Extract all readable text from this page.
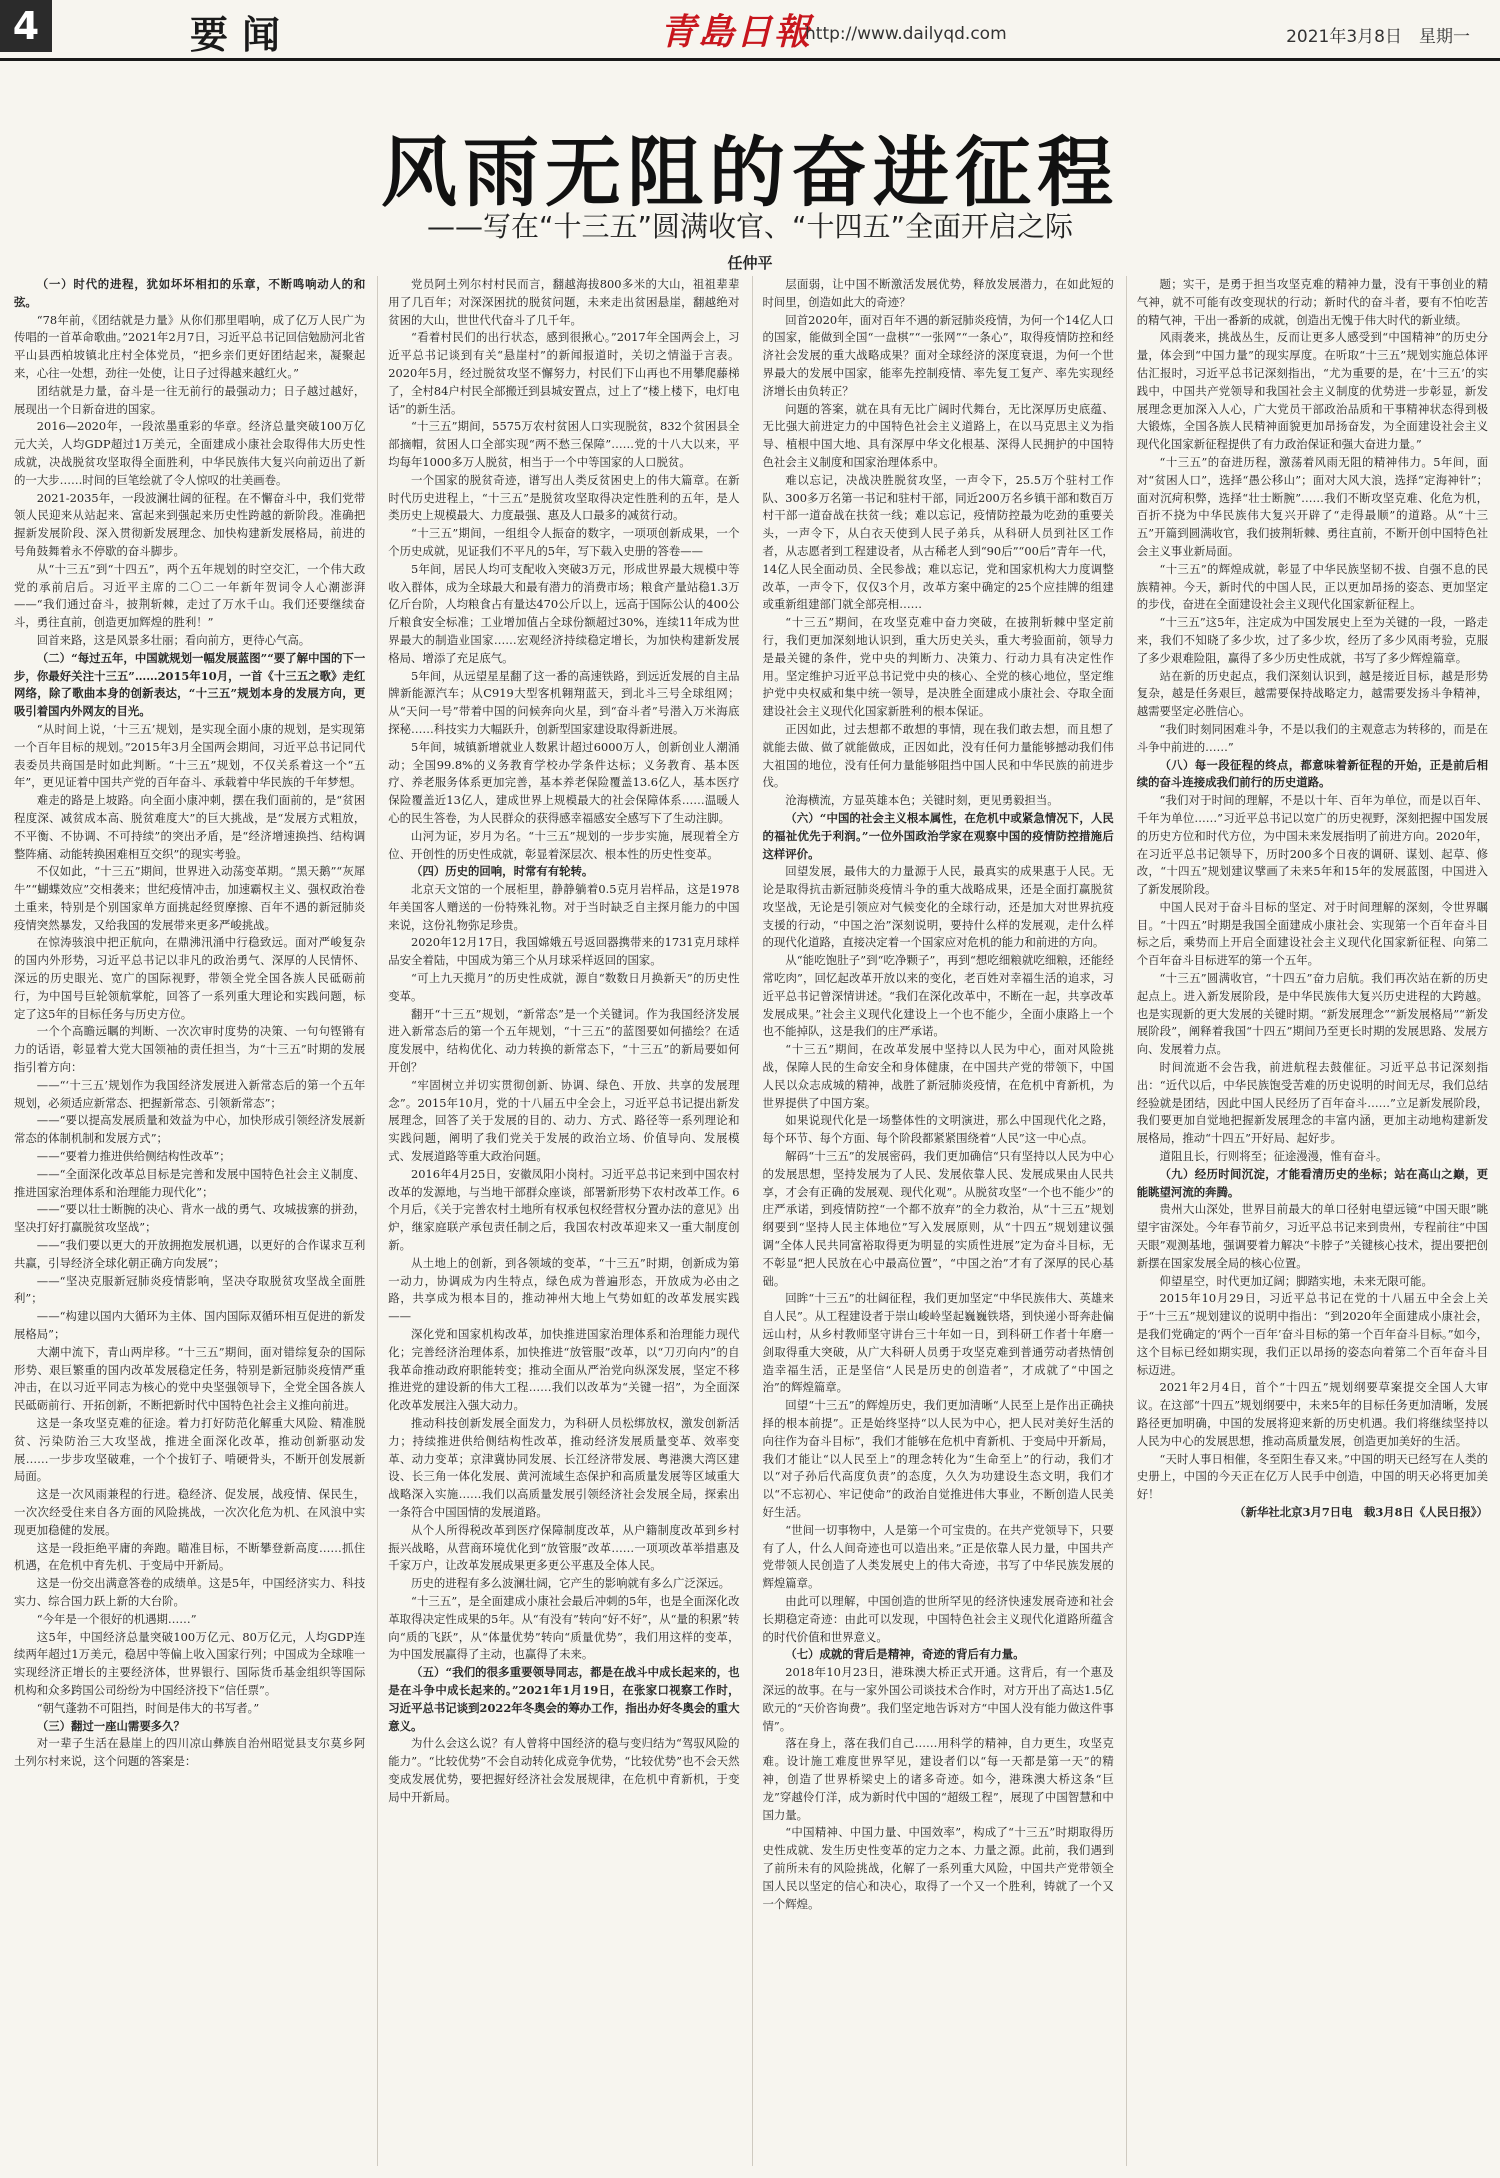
4	要闻	青島日報
http://www.dailyqd.com	2021年3月8日　星期一
风雨无阻的奋进征程
——写在“十三五”圆满收官、“十四五”全面开启之际
任仲平

（一）时代的进程，犹如坏坏相扣的乐章，不断鸣响动人的和弦。

“78年前，《团结就是力量》从你们那里唱响，成了亿万人民广为传唱的一首革命歌曲。”2021年2月7日，习近平总书记回信勉励河北省平山县西柏坡镇北庄村全体党员，“把乡亲们更好团结起来，凝聚起来，心往一处想，劲往一处使，让日子过得越来越红火。”

团结就是力量，奋斗是一往无前行的最强动力；日子越过越好，展现出一个日新奋进的国家。

2016—2020年，一段浓墨重彩的华章。经济总量突破100万亿元大关，人均GDP超过1万美元，全面建成小康社会取得伟大历史性成就，决战脱贫攻坚取得全面胜利，中华民族伟大复兴向前迈出了新的一大步……时间的巨笔绘就了令人惊叹的壮美画卷。

2021-2035年，一段波澜壮阔的征程。在不懈奋斗中，我们党带领人民迎来从站起来、富起来到强起来历史性跨越的新阶段。准确把握新发展阶段、深入贯彻新发展理念、加快构建新发展格局，前进的号角鼓舞着永不停歇的奋斗脚步。

从“十三五”到“十四五”，两个五年规划的时空交汇，一个伟大政党的承前启后。习近平主席的二〇二一年新年贺词令人心潮澎湃——“我们通过奋斗，披荆斩棘，走过了万水千山。我们还要继续奋斗，勇往直前，创造更加辉煌的胜利！”

回首来路，这是风景多壮丽；看向前方，更待心气高。

（二）“每过五年，中国就规划一幅发展蓝图”“要了解中国的下一步，你最好关注十三五”……2015年10月，一首《十三五之歌》走红网络，除了歌曲本身的创新表达，“十三五”规划本身的发展方向，更吸引着国内外网友的目光。

“从时间上说，‘十三五’规划，是实现全面小康的规划，是实现第一个百年目标的规划。”2015年3月全国两会期间，习近平总书记同代表委员共商国是时如此判断。“十三五”规划，不仅关系着这一个“五年”，更见证着中国共产党的百年奋斗、承载着中华民族的千年梦想。

难走的路是上坡路。向全面小康冲刺，摆在我们面前的，是“贫困程度深、减贫成本高、脱贫难度大”的巨大挑战，是“发展方式粗放，不平衡、不协调、不可持续”的突出矛盾，是“经济增速换挡、结构调整阵痛、动能转换困难相互交织”的现实考验。

不仅如此，“十三五”期间，世界进入动荡变革期。“黑天鹅”“灰犀牛”“蝴蝶效应”交相袭来；世纪疫情冲击，加速霸权主义、强权政治卷土重来，特别是个别国家单方面挑起经贸摩擦、百年不遇的新冠肺炎疫情突然暴发，又给我国的发展带来更多严峻挑战。

在惊涛骇浪中把正航向，在鼎沸汛涌中行稳致远。面对严峻复杂的国内外形势，习近平总书记以非凡的政治勇气、深厚的人民情怀、深远的历史眼光、宽广的国际视野，带领全党全国各族人民砥砺前行，为中国号巨轮领航掌舵，回答了一系列重大理论和实践问题，标定了这5年的目标任务与历史方位。

一个个高瞻远瞩的判断、一次次审时度势的决策、一句句铿锵有力的话语，彰显着大党大国领袖的责任担当，为“十三五”时期的发展指引着方向：

——“‘十三五’规划作为我国经济发展进入新常态后的第一个五年规划，必须适应新常态、把握新常态、引领新常态”；

——“要以提高发展质量和效益为中心，加快形成引领经济发展新常态的体制机制和发展方式”；

——“要着力推进供给侧结构性改革”；

——“全面深化改革总目标是完善和发展中国特色社会主义制度、推进国家治理体系和治理能力现代化”；

——“要以壮士断腕的决心、背水一战的勇气、攻城拔寨的拼劲，坚决打好打赢脱贫攻坚战”；

——“我们要以更大的开放拥抱发展机遇，以更好的合作谋求互利共赢，引导经济全球化朝正确方向发展”；

——“坚决克服新冠肺炎疫情影响，坚决夺取脱贫攻坚战全面胜利”；

——“构建以国内大循环为主体、国内国际双循环相互促进的新发展格局”；

大潮中流下，青山两岸移。“十三五”期间，面对错综复杂的国际形势、艰巨繁重的国内改革发展稳定任务，特别是新冠肺炎疫情严重冲击，在以习近平同志为核心的党中央坚强领导下，全党全国各族人民砥砺前行、开拓创新，不断把新时代中国特色社会主义推向前进。

这是一条攻坚克难的征途。着力打好防范化解重大风险、精准脱贫、污染防治三大攻坚战，推进全面深化改革，推动创新驱动发展……一步步攻坚破难，一个个拔钉子、啃硬骨头，不断开创发展新局面。

这是一次风雨兼程的行进。稳经济、促发展，战疫情、保民生，一次次经受住来自各方面的风险挑战，一次次化危为机、在风浪中实现更加稳健的发展。

这是一段拒绝平庸的奔跑。瞄准目标，不断攀登新高度……抓住机遇，在危机中育先机、于变局中开新局。

这是一份交出满意答卷的成绩单。这是5年，中国经济实力、科技实力、综合国力跃上新的大台阶。

“今年是一个很好的机遇期……”

这5年，中国经济总量突破100万亿元、80万亿元，人均GDP连续两年超过1万美元，稳居中等偏上收入国家行列；中国成为全球唯一实现经济正增长的主要经济体，世界银行、国际货币基金组织等国际机构和众多跨国公司纷纷为中国经济投下“信任票”。

“朝气蓬勃不可阻挡，时间是伟大的书写者。”

（三）翻过一座山需要多久？

对一辈子生活在悬崖上的四川凉山彝族自治州昭觉县支尔莫乡阿土列尔村来说，这个问题的答案是：

党员阿土列尔村村民而言，翻越海拔800多米的大山，祖祖辈辈用了几百年；对深深困扰的脱贫问题，未来走出贫困悬崖，翻越绝对贫困的大山，世世代代奋斗了几千年。

“看着村民们的出行状态，感到很揪心。”2017年全国两会上，习近平总书记谈到有关“悬崖村”的新闻报道时，关切之情溢于言表。2020年5月，经过脱贫攻坚不懈努力，村民们下山再也不用攀爬藤梯了，全村84户村民全部搬迁到县城安置点，过上了“楼上楼下，电灯电话”的新生活。

“十三五”期间，5575万农村贫困人口实现脱贫，832个贫困县全部摘帽，贫困人口全部实现“两不愁三保障”……党的十八大以来，平均每年1000多万人脱贫，相当于一个中等国家的人口脱贫。

一个国家的脱贫奇迹，谱写出人类反贫困史上的伟大篇章。在新时代历史进程上，“十三五”是脱贫攻坚取得决定性胜利的五年，是人类历史上规模最大、力度最强、惠及人口最多的减贫行动。

“十三五”期间，一组组令人振奋的数字，一项项创新成果，一个个历史成就，见证我们不平凡的5年，写下载入史册的答卷——

5年间，居民人均可支配收入突破3万元，形成世界最大规模中等收入群体，成为全球最大和最有潜力的消费市场；粮食产量站稳1.3万亿斤台阶，人均粮食占有量达470公斤以上，远高于国际公认的400公斤粮食安全标准；工业增加值占全球份额超过30%，连续11年成为世界最大的制造业国家……宏观经济持续稳定增长，为加快构建新发展格局、增添了充足底气。

5年间，从远望星星翻了这一番的高速铁路，到远近发展的自主品牌新能源汽车；从C919大型客机翱翔蓝天，到北斗三号全球组网；从“天问一号”带着中国的问候奔向火星，到“奋斗者”号潜入万米海底探秘……科技实力大幅跃升，创新型国家建设取得新进展。

5年间，城镇新增就业人数累计超过6000万人，创新创业人潮涌动；全国99.8%的义务教育学校办学条件达标；义务教育、基本医疗、养老服务体系更加完善，基本养老保险覆盖13.6亿人，基本医疗保险覆盖近13亿人，建成世界上规模最大的社会保障体系……温暖人心的民生答卷，为人民群众的获得感幸福感安全感写下了生动注脚。

山河为证，岁月为名。“十三五”规划的一步步实施，展现着全方位、开创性的历史性成就，彰显着深层次、根本性的历史性变革。

（四）历史的回响，时常有有轮转。

北京天文馆的一个展柜里，静静躺着0.5克月岩样品，这是1978年美国客人赠送的一份特殊礼物。对于当时缺乏自主探月能力的中国来说，这份礼物弥足珍贵。

2020年12月17日，我国嫦娥五号返回器携带来的1731克月球样品安全着陆，中国成为第三个从月球采样返回的国家。

“可上九天揽月”的历史性成就，源自“数数日月换新天”的历史性变革。

翻开“十三五”规划，“新常态”是一个关键词。作为我国经济发展进入新常态后的第一个五年规划，“十三五”的蓝图要如何描绘？在适度发展中，结构优化、动力转换的新常态下，“十三五”的新局要如何开创？

“牢固树立并切实贯彻创新、协调、绿色、开放、共享的发展理念”。2015年10月，党的十八届五中全会上，习近平总书记提出新发展理念，回答了关于发展的目的、动力、方式、路径等一系列理论和实践问题，阐明了我们党关于发展的政治立场、价值导向、发展模式、发展道路等重大政治问题。

2016年4月25日，安徽凤阳小岗村。习近平总书记来到中国农村改革的发源地，与当地干部群众座谈，部署新形势下农村改革工作。6个月后，《关于完善农村土地所有权承包权经营权分置办法的意见》出炉，继家庭联产承包责任制之后，我国农村改革迎来又一重大制度创新。

从土地上的创新，到各领域的变革，“十三五”时期，创新成为第一动力，协调成为内生特点，绿色成为普遍形态，开放成为必由之路，共享成为根本目的，推动神州大地上气势如虹的改革发展实践——

深化党和国家机构改革，加快推进国家治理体系和治理能力现代化；完善经济治理体系，加快推进“放管服”改革，以“刀刃向内”的自我革命推动政府职能转变；推动全面从严治党向纵深发展，坚定不移推进党的建设新的伟大工程……我们以改革为“关键一招”，为全面深化改革发展注入强大动力。

推动科技创新发展全面发力，为科研人员松绑放权，激发创新活力；持续推进供给侧结构性改革，推动经济发展质量变革、效率变革、动力变革；京津冀协同发展、长江经济带发展、粤港澳大湾区建设、长三角一体化发展、黄河流域生态保护和高质量发展等区域重大战略深入实施……我们以高质量发展引领经济社会发展全局，探索出一条符合中国国情的发展道路。

从个人所得税改革到医疗保障制度改革，从户籍制度改革到乡村振兴战略，从营商环境优化到“放管服”改革……一项项改革举措惠及千家万户，让改革发展成果更多更公平惠及全体人民。

历史的进程有多么波澜壮阔，它产生的影响就有多么广泛深远。

“十三五”，是全面建成小康社会最后冲刺的5年，也是全面深化改革取得决定性成果的5年。从“有没有”转向“好不好”，从“量的积累”转向“质的飞跃”，从“体量优势”转向“质量优势”，我们用这样的变革，为中国发展赢得了主动，也赢得了未来。

（五）“我们的很多重要领导同志，都是在战斗中成长起来的，也是在斗争中成长起来的。”2021年1月19日，在张家口视察工作时，习近平总书记谈到2022年冬奥会的筹办工作，指出办好冬奥会的重大意义。

为什么会这么说？有人曾将中国经济的稳与变归结为“驾驭风险的能力”。“比较优势”不会自动转化成竞争优势，“比较优势”也不会天然变成发展优势，要把握好经济社会发展规律，在危机中育新机，于变局中开新局。

层面弱，让中国不断激活发展优势，释放发展潜力，在如此短的时间里，创造如此大的奇迹？

回首2020年，面对百年不遇的新冠肺炎疫情，为何一个14亿人口的国家，能做到全国“一盘棋”“一张网”“一条心”，取得疫情防控和经济社会发展的重大战略成果？面对全球经济的深度衰退，为何一个世界最大的发展中国家，能率先控制疫情、率先复工复产、率先实现经济增长由负转正？

问题的答案，就在具有无比广阔时代舞台，无比深厚历史底蕴、无比强大前进定力的中国特色社会主义道路上，在以马克思主义为指导、植根中国大地、具有深厚中华文化根基、深得人民拥护的中国特色社会主义制度和国家治理体系中。

难以忘记，决战决胜脱贫攻坚，一声令下，25.5万个驻村工作队、300多万名第一书记和驻村干部，同近200万名乡镇干部和数百万村干部一道奋战在扶贫一线；难以忘记，疫情防控最为吃劲的重要关头，一声令下，从白衣天使到人民子弟兵，从科研人员到社区工作者，从志愿者到工程建设者，从古稀老人到“90后”“00后”青年一代，14亿人民全面动员、全民参战；难以忘记，党和国家机构大力度调整改革，一声令下，仅仅3个月，改革方案中确定的25个应挂牌的组建或重新组建部门就全部亮相……

“十三五”期间，在攻坚克难中奋力突破，在披荆斩棘中坚定前行，我们更加深刻地认识到，重大历史关头，重大考验面前，领导力是最关键的条件，党中央的判断力、决策力、行动力具有决定性作用。坚定维护习近平总书记党中央的核心、全党的核心地位，坚定维护党中央权威和集中统一领导，是决胜全面建成小康社会、夺取全面建设社会主义现代化国家新胜利的根本保证。

正因如此，过去想都不敢想的事情，现在我们敢去想，而且想了就能去做、做了就能做成，正因如此，没有任何力量能够撼动我们伟大祖国的地位，没有任何力量能够阻挡中国人民和中华民族的前进步伐。

沧海横流，方显英雄本色；关键时刻，更见勇毅担当。

（六）“中国的社会主义根本属性，在危机中或紧急情况下，人民的福祉优先于利润。”一位外国政治学家在观察中国的疫情防控措施后这样评价。

回望发展，最伟大的力量源于人民，最真实的成果惠于人民。无论是取得抗击新冠肺炎疫情斗争的重大战略成果，还是全面打赢脱贫攻坚战，无论是引领应对气候变化的全球行动，还是加大对世界抗疫支援的行动，“中国之治”深刻说明，要持什么样的发展观，走什么样的现代化道路，直接决定着一个国家应对危机的能力和前进的方向。

从“能吃饱肚子”到“吃净颗子”，再到“想吃细粮就吃细粮，还能经常吃肉”，回忆起改革开放以来的变化，老百姓对幸福生活的追求，习近平总书记曾深情讲述。“我们在深化改革中，不断在一起，共享改革发展成果。”社会主义现代化建设上一个也不能少，全面小康路上一个也不能掉队，这是我们的庄严承诺。

“十三五”期间，在改革发展中坚持以人民为中心，面对风险挑战，保障人民的生命安全和身体健康，在中国共产党的带领下，中国人民以众志成城的精神，战胜了新冠肺炎疫情，在危机中育新机，为世界提供了中国方案。

如果说现代化是一场整体性的文明演进，那么中国现代化之路，每个环节、每个方面、每个阶段都紧紧围绕着“人民”这一中心点。

解码“十三五”的发展密码，我们更加确信“只有坚持以人民为中心的发展思想，坚持发展为了人民、发展依靠人民、发展成果由人民共享，才会有正确的发展观、现代化观”。从脱贫攻坚“一个也不能少”的庄严承诺，到疫情防控“一个都不放弃”的全力救治，从“十三五”规划纲要到“坚持人民主体地位”写入发展原则，从“十四五”规划建议强调“全体人民共同富裕取得更为明显的实质性进展”定为奋斗目标，无不彰显“把人民放在心中最高位置”，“中国之治”才有了深厚的民心基础。

回眸“十三五”的壮阔征程，我们更加坚定“中华民族伟大、英雄来自人民”。从工程建设者于崇山峻岭坚起巍巍铁塔，到快递小哥奔赴偏远山村，从乡村教师坚守讲台三十年如一日，到科研工作者十年磨一剑取得重大突破，从广大科研人员勇于攻坚克难到普通劳动者热情创造幸福生活，正是坚信“人民是历史的创造者”，才成就了“中国之治”的辉煌篇章。

回望“十三五”的辉煌历史，我们更加清晰“人民至上是作出正确抉择的根本前提”。正是始终坚持“以人民为中心，把人民对美好生活的向往作为奋斗目标”，我们才能够在危机中育新机、于变局中开新局，我们才能让“以人民至上”的理念转化为“生命至上”的行动，我们才以“对子孙后代高度负责”的态度，久久为功建设生态文明，我们才以“不忘初心、牢记使命”的政治自觉推进伟大事业，不断创造人民美好生活。

“世间一切事物中，人是第一个可宝贵的。在共产党领导下，只要有了人，什么人间奇迹也可以造出来。”正是依靠人民力量，中国共产党带领人民创造了人类发展史上的伟大奇迹，书写了中华民族发展的辉煌篇章。

由此可以理解，中国创造的世所罕见的经济快速发展奇迹和社会长期稳定奇迹：由此可以发现，中国特色社会主义现代化道路所蕴含的时代价值和世界意义。

（七）成就的背后是精神，奇迹的背后有力量。

2018年10月23日，港珠澳大桥正式开通。这背后，有一个惠及深远的故事。在与一家外国公司谈技术合作时，对方开出了高达1.5亿欧元的“天价咨询费”。我们坚定地告诉对方“中国人没有能力做这件事情”。

落在身上，落在我们自己……用科学的精神，自力更生，攻坚克难。设计施工难度世界罕见，建设者们以“每一天都是第一天”的精神，创造了世界桥梁史上的诸多奇迹。如今，港珠澳大桥这条“巨龙”穿越伶仃洋，成为新时代中国的“超级工程”，展现了中国智慧和中国力量。

“中国精神、中国力量、中国效率”，构成了“十三五”时期取得历史性成就、发生历史性变革的定力之本、力量之源。此前，我们遇到了前所未有的风险挑战，化解了一系列重大风险，中国共产党带领全国人民以坚定的信心和决心，取得了一个又一个胜利，铸就了一个又一个辉煌。

题；实干，是勇于担当攻坚克难的精神力量，没有干事创业的精气神，就不可能有改变现状的行动；新时代的奋斗者，要有不怕吃苦的精气神，干出一番新的成就，创造出无愧于伟大时代的新业绩。

风雨袭来，挑战丛生，反而让更多人感受到“中国精神”的历史分量，体会到“中国力量”的现实厚度。在听取“十三五”规划实施总体评估汇报时，习近平总书记深刻指出，“尤为重要的是，在‘十三五’的实践中，中国共产党领导和我国社会主义制度的优势进一步彰显，新发展理念更加深入人心，广大党员干部政治品质和干事精神状态得到极大锻炼，全国各族人民精神面貌更加昂扬奋发，为全面建设社会主义现代化国家新征程提供了有力政治保证和强大奋进力量。”

“十三五”的奋进历程，激荡着风雨无阻的精神伟力。5年间，面对“贫困人口”，选择“愚公移山”；面对大风大浪，选择“定海神针”；面对沉疴积弊，选择“壮士断腕”……我们不断攻坚克难、化危为机，百折不挠为中华民族伟大复兴开辟了“走得最顺”的道路。从“十三五”开篇到圆满收官，我们披荆斩棘、勇往直前，不断开创中国特色社会主义事业新局面。

“十三五”的辉煌成就，彰显了中华民族坚韧不拔、自强不息的民族精神。今天，新时代的中国人民，正以更加昂扬的姿态、更加坚定的步伐，奋进在全面建设社会主义现代化国家新征程上。

“十三五”这5年，注定成为中国发展史上至为关键的一段，一路走来，我们不知晓了多少坎，过了多少坎，经历了多少风雨考验，克服了多少艰难险阻，赢得了多少历史性成就，书写了多少辉煌篇章。

站在新的历史起点，我们深刻认识到，越是接近目标，越是形势复杂，越是任务艰巨，越需要保持战略定力，越需要发扬斗争精神，越需要坚定必胜信心。

“我们时刻同困难斗争，不是以我们的主观意志为转移的，而是在斗争中前进的……”

（八）每一段征程的终点，都意味着新征程的开始，正是前后相续的奋斗连接成我们前行的历史道路。

“我们对于时间的理解，不是以十年、百年为单位，而是以百年、千年为单位……”习近平总书记以宽广的历史视野，深刻把握中国发展的历史方位和时代方位，为中国未来发展指明了前进方向。2020年，在习近平总书记领导下，历时200多个日夜的调研、谋划、起草、修改，“十四五”规划建议擘画了未来5年和15年的发展蓝图，中国进入了新发展阶段。

中国人民对于奋斗目标的坚定、对于时间理解的深刻，令世界瞩目。“十四五”时期是我国全面建成小康社会、实现第一个百年奋斗目标之后，乘势而上开启全面建设社会主义现代化国家新征程、向第二个百年奋斗目标进军的第一个五年。

“十三五”圆满收官，“十四五”奋力启航。我们再次站在新的历史起点上。进入新发展阶段，是中华民族伟大复兴历史进程的大跨越。也是实现新的更大发展的关键时期。“新发展理念”“新发展格局”“新发展阶段”，阐释着我国“十四五”期间乃至更长时期的发展思路、发展方向、发展着力点。

时间流逝不会告我，前进航程去鼓催征。习近平总书记深刻指出：“近代以后，中华民族饱受苦难的历史说明的时间无尽，我们总结经验就是团结，因此中国人民经历了百年奋斗……”立足新发展阶段，我们要更加自觉地把握新发展理念的丰富内涵，更加主动地构建新发展格局，推动“十四五”开好局、起好步。

道阻且长，行则将至；征途漫漫，惟有奋斗。

（九）经历时间沉淀，才能看清历史的坐标；站在高山之巅，更能眺望河流的奔腾。

贵州大山深处，世界目前最大的单口径射电望远镜“中国天眼”眺望宇宙深处。今年春节前夕，习近平总书记来到贵州，专程前往“中国天眼”观测基地，强调要着力解决“卡脖子”关键核心技术，提出要把创新摆在国家发展全局的核心位置。

仰望星空，时代更加辽阔；脚踏实地，未来无限可能。

2015年10月29日，习近平总书记在党的十八届五中全会上关于“十三五”规划建议的说明中指出：“到2020年全面建成小康社会，是我们党确定的‘两个一百年’奋斗目标的第一个百年奋斗目标。”如今，这个目标已经如期实现，我们正以昂扬的姿态向着第二个百年奋斗目标迈进。

2021年2月4日，首个“十四五”规划纲要草案提交全国人大审议。在这部“十四五”规划纲要中，未来5年的目标任务更加清晰，发展路径更加明确，中国的发展将迎来新的历史机遇。我们将继续坚持以人民为中心的发展思想，推动高质量发展，创造更加美好的生活。

“天时人事日相催，冬至阳生春又来。”中国的明天已经写在人类的史册上，中国的今天正在亿万人民手中创造，中国的明天必将更加美好！

（新华社北京3月7日电　载3月8日《人民日报》）
